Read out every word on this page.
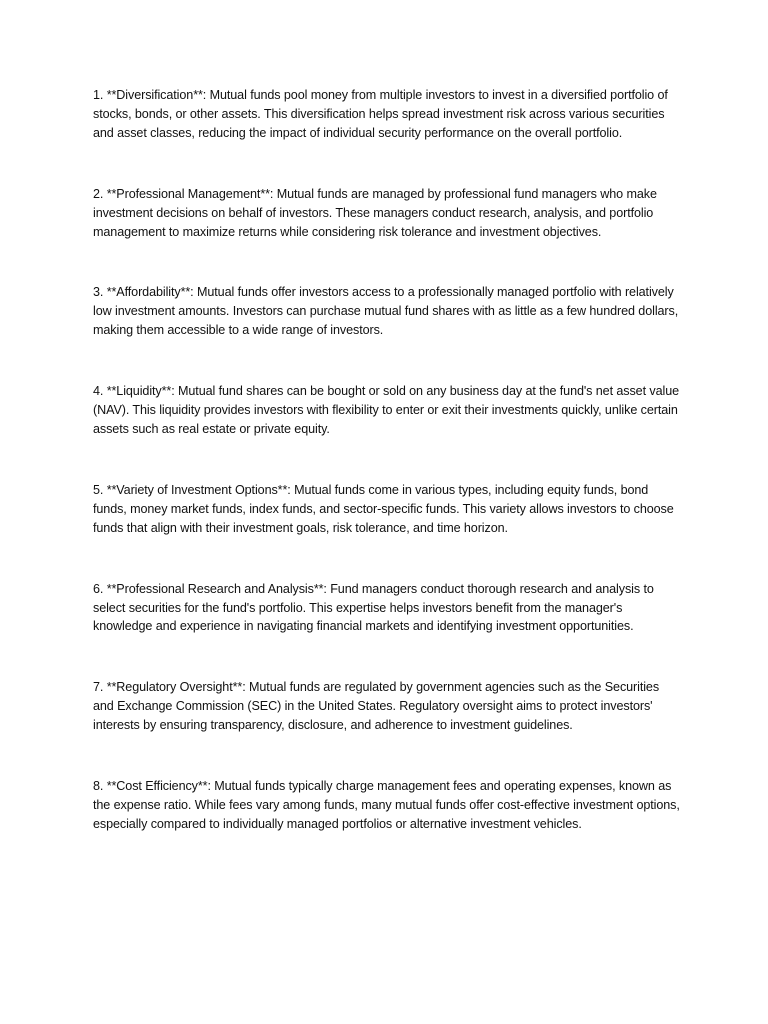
1. **Diversification**: Mutual funds pool money from multiple investors to invest in a diversified portfolio of stocks, bonds, or other assets. This diversification helps spread investment risk across various securities and asset classes, reducing the impact of individual security performance on the overall portfolio.

2. **Professional Management**: Mutual funds are managed by professional fund managers who make investment decisions on behalf of investors. These managers conduct research, analysis, and portfolio management to maximize returns while considering risk tolerance and investment objectives.

3. **Affordability**: Mutual funds offer investors access to a professionally managed portfolio with relatively low investment amounts. Investors can purchase mutual fund shares with as little as a few hundred dollars, making them accessible to a wide range of investors.

4. **Liquidity**: Mutual fund shares can be bought or sold on any business day at the fund's net asset value (NAV). This liquidity provides investors with flexibility to enter or exit their investments quickly, unlike certain assets such as real estate or private equity.

5. **Variety of Investment Options**: Mutual funds come in various types, including equity funds, bond funds, money market funds, index funds, and sector-specific funds. This variety allows investors to choose funds that align with their investment goals, risk tolerance, and time horizon.

6. **Professional Research and Analysis**: Fund managers conduct thorough research and analysis to select securities for the fund's portfolio. This expertise helps investors benefit from the manager's knowledge and experience in navigating financial markets and identifying investment opportunities.

7. **Regulatory Oversight**: Mutual funds are regulated by government agencies such as the Securities and Exchange Commission (SEC) in the United States. Regulatory oversight aims to protect investors' interests by ensuring transparency, disclosure, and adherence to investment guidelines.

8. **Cost Efficiency**: Mutual funds typically charge management fees and operating expenses, known as the expense ratio. While fees vary among funds, many mutual funds offer cost-effective investment options, especially compared to individually managed portfolios or alternative investment vehicles.
